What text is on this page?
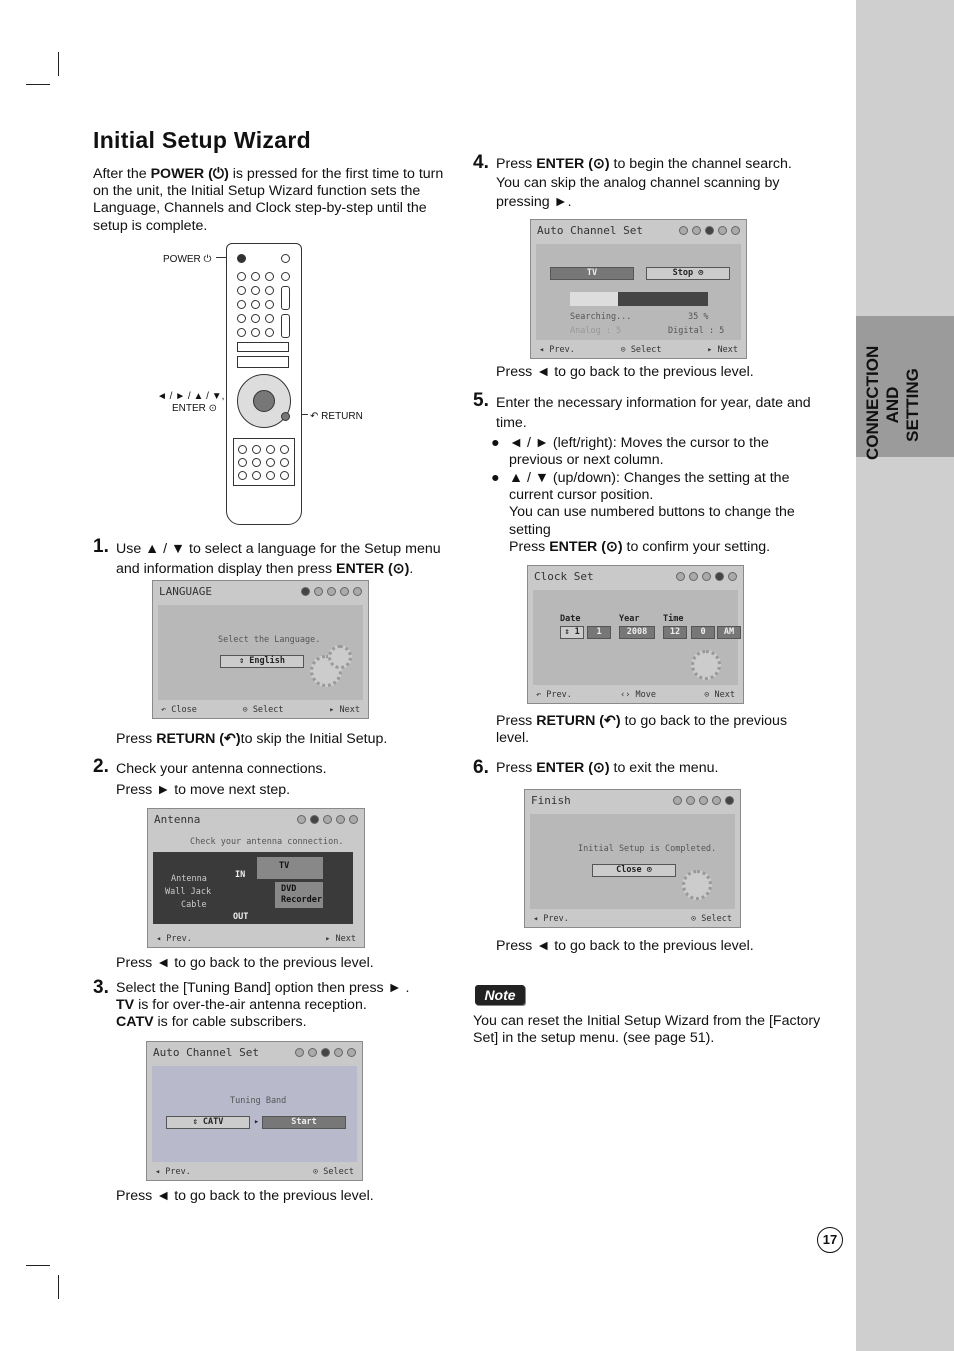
CONNECTION AND SETTING
Initial Setup Wizard
After the POWER (⏻) is pressed for the first time to turn on the unit, the Initial Setup Wizard function sets the Language, Channels and Clock step-by-step until the setup is complete.
POWER ⏻
◄ / ► / ▲ / ▼,
ENTER ⊙
↶ RETURN
1. Use ▲ / ▼ to select a language for the Setup menu and information display then press ENTER (⊙).
LANGUAGE
Select the Language.
⇕ English
↶ Close	⊙ Select	▸ Next
Press RETURN (↶)to skip the Initial Setup.
2. Check your antenna connections.
Press ► to move next step.
Antenna
Check your antenna connection.
Antenna
Wall Jack
Cable
IN
OUT
TV
DVD
Recorder
◂ Prev.	▸ Next
Press ◄ to go back to the previous level.
3. Select the [Tuning Band] option then press ► .
TV is for over-the-air antenna reception.
CATV is for cable subscribers.
Auto Channel Set
Tuning Band
⇕ CATV	▸	Start
◂ Prev.	⊙ Select
Press ◄ to go back to the previous level.
4. Press ENTER (⊙) to begin the channel search.
You can skip the analog channel scanning by pressing ►.
Auto Channel Set
TV	Stop ⊙
Searching...	35 %
Analog : 5	Digital : 5
◂ Prev.	⊙ Select	▸ Next
Press ◄ to go back to the previous level.
5. Enter the necessary information for year, date and time.
● ◄ / ► (left/right): Moves the cursor to the previous or next column.
● ▲ / ▼ (up/down): Changes the setting at the current cursor position.
You can use numbered buttons to change the setting
Press ENTER (⊙) to confirm your setting.
Clock Set
Date	Year	Time
⇕ 1	1	2008	12	0	AM
↶ Prev.	‹› Move	⊙ Next
Press RETURN (↶) to go back to the previous level.
6. Press ENTER (⊙) to exit the menu.
Finish
Initial Setup is Completed.
Close ⊙
◂ Prev.	⊙ Select
Press ◄ to go back to the previous level.
Note
You can reset the Initial Setup Wizard from the [Factory Set] in the setup menu. (see page 51).
17
